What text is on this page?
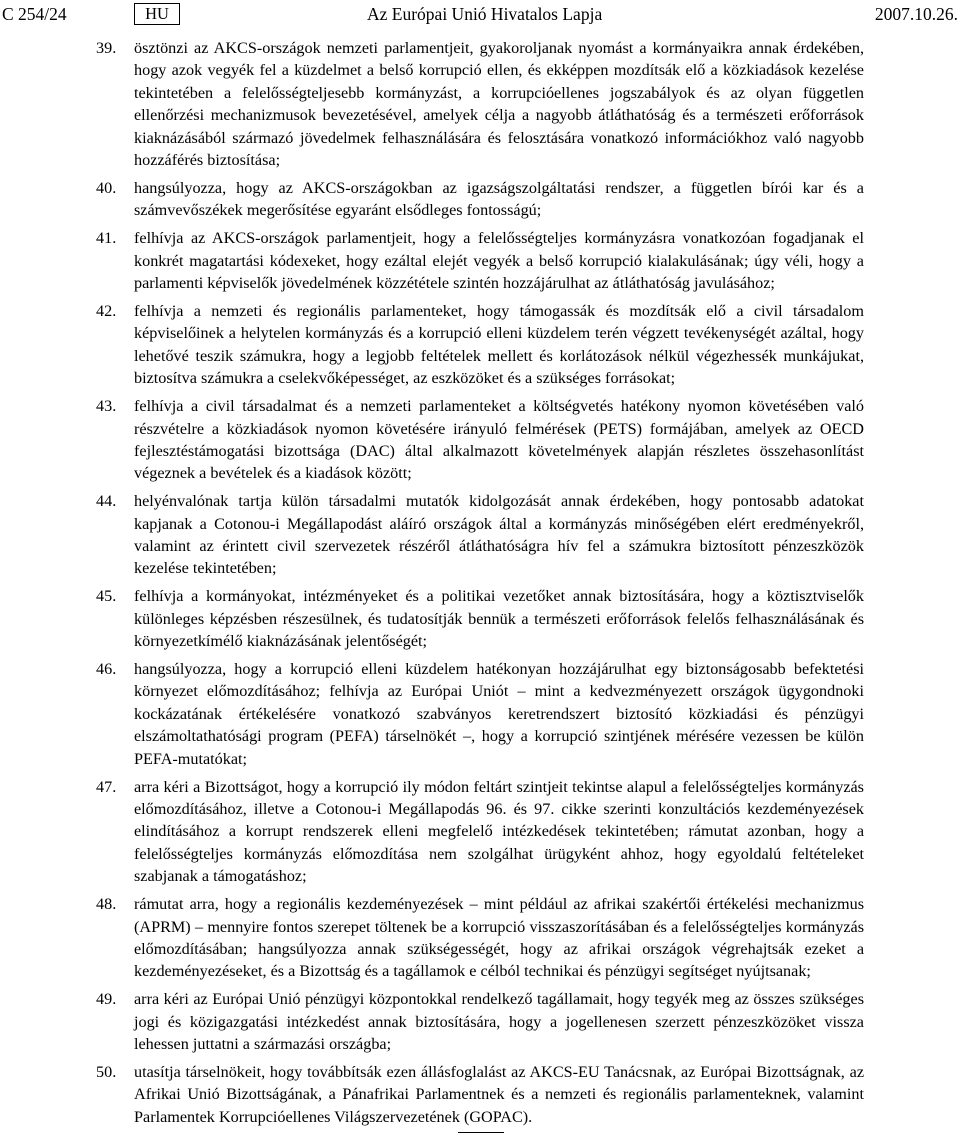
C 254/24	HU	Az Európai Unió Hivatalos Lapja	2007.10.26.
39. ösztönzi az AKCS-országok nemzeti parlamentjeit, gyakoroljanak nyomást a kormányaikra annak érdekében, hogy azok vegyék fel a küzdelmet a belső korrupció ellen, és ekképpen mozdítsák elő a közkiadások kezelése tekintetében a felelősségteljesebb kormányzást, a korrupcióellenes jogszabályok és az olyan független ellenőrzési mechanizmusok bevezetésével, amelyek célja a nagyobb átláthatóság és a természeti erőforrások kiaknázásából származó jövedelmek felhasználására és felosztására vonatkozó információkhoz való nagyobb hozzáférés biztosítása;
40. hangsúlyozza, hogy az AKCS-országokban az igazságszolgáltatási rendszer, a független bírói kar és a számvevőszékek megerősítése egyaránt elsődleges fontosságú;
41. felhívja az AKCS-országok parlamentjeit, hogy a felelősségteljes kormányzásra vonatkozóan fogadjanak el konkrét magatartási kódexeket, hogy ezáltal elejét vegyék a belső korrupció kialakulásának; úgy véli, hogy a parlamenti képviselők jövedelmének közzététele szintén hozzájárulhat az átláthatóság javulásához;
42. felhívja a nemzeti és regionális parlamenteket, hogy támogassák és mozdítsák elő a civil társadalom képviselőinek a helytelen kormányzás és a korrupció elleni küzdelem terén végzett tevékenységét azáltal, hogy lehetővé teszik számukra, hogy a legjobb feltételek mellett és korlátozások nélkül végezhessék munkájukat, biztosítva számukra a cselekvőképességet, az eszközöket és a szükséges forrásokat;
43. felhívja a civil társadalmat és a nemzeti parlamenteket a költségvetés hatékony nyomon követésében való részvételre a közkiadások nyomon követésére irányuló felmérések (PETS) formájában, amelyek az OECD fejlesztéstámogatási bizottsága (DAC) által alkalmazott követelmények alapján részletes összehasonlítást végeznek a bevételek és a kiadások között;
44. helyénvalónak tartja külön társadalmi mutatók kidolgozását annak érdekében, hogy pontosabb adatokat kapjanak a Cotonou-i Megállapodást aláíró országok által a kormányzás minőségében elért eredményekről, valamint az érintett civil szervezetek részéről átláthatóságra hív fel a számukra biztosított pénzeszközök kezelése tekintetében;
45. felhívja a kormányokat, intézményeket és a politikai vezetőket annak biztosítására, hogy a köztisztviselők különleges képzésben részesülnek, és tudatosítják bennük a természeti erőforrások felelős felhasználásának és környezetkímélő kiaknázásának jelentőségét;
46. hangsúlyozza, hogy a korrupció elleni küzdelem hatékonyan hozzájárulhat egy biztonságosabb befektetési környezet előmozdításához; felhívja az Európai Uniót – mint a kedvezményezett országok ügygondnoki kockázatának értékelésére vonatkozó szabványos keretrendszert biztosító közkiadási és pénzügyi elszámoltathatósági program (PEFA) társelnökét –, hogy a korrupció szintjének mérésére vezessen be külön PEFA-mutatókat;
47. arra kéri a Bizottságot, hogy a korrupció ily módon feltárt szintjeit tekintse alapul a felelősségteljes kormányzás előmozdításához, illetve a Cotonou-i Megállapodás 96. és 97. cikke szerinti konzultációs kezdeményezések elindításához a korrupt rendszerek elleni megfelelő intézkedések tekintetében; rámutat azonban, hogy a felelősségteljes kormányzás előmozdítása nem szolgálhat ürügyként ahhoz, hogy egyoldalú feltételeket szabjanak a támogatáshoz;
48. rámutat arra, hogy a regionális kezdeményezések – mint például az afrikai szakértői értékelési mechanizmus (APRM) – mennyire fontos szerepet töltenek be a korrupció visszaszorításában és a felelősségteljes kormányzás előmozdításában; hangsúlyozza annak szükségességét, hogy az afrikai országok végrehajtsák ezeket a kezdeményezéseket, és a Bizottság és a tagállamok e célból technikai és pénzügyi segítséget nyújtsanak;
49. arra kéri az Európai Unió pénzügyi központokkal rendelkező tagállamait, hogy tegyék meg az összes szükséges jogi és közigazgatási intézkedést annak biztosítására, hogy a jogellenesen szerzett pénzeszközöket vissza lehessen juttatni a származási országba;
50. utasítja társelnökeit, hogy továbbítsák ezen állásfoglalást az AKCS-EU Tanácsnak, az Európai Bizottságnak, az Afrikai Unió Bizottságának, a Pánafrikai Parlamentnek és a nemzeti és regionális parlamenteknek, valamint Parlamentek Korrupcióellenes Világszervezetének (GOPAC).
